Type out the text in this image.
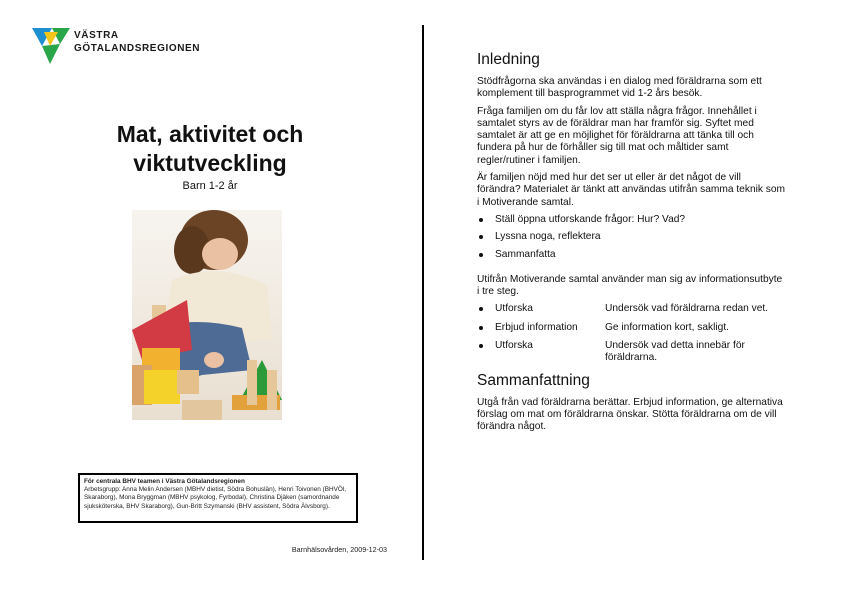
VÄSTRA
GÖTALANDSREGIONEN
Mat, aktivitet och viktutveckling
Barn 1-2 år
För centrala BHV teamen i Västra Götalandsregionen
Arbetsgrupp: Anna Melin Andersen (MBHV dietist, Södra Bohuslän), Henri Toivonen (BHVÖl, Skaraborg), Mona Bryggman (MBHV psykolog, Fyrbodal), Christina Djäken (samordnande sjuksköterska, BHV Skaraborg), Gun-Britt Szymanski (BHV assistent, Södra Älvsborg).
Barnhälsovården, 2009-12-03
Inledning

Stödfrågorna ska användas i en dialog med föräldrarna som ett komplement till basprogrammet vid 1-2 års besök.

Fråga familjen om du får lov att ställa några frågor. Innehållet i samtalet styrs av de föräldrar man har framför sig. Syftet med samtalet är att ge en möjlighet för föräldrarna att tänka till och fundera på hur de förhåller sig till mat och måltider samt regler/rutiner i familjen.

Är familjen nöjd med hur det ser ut eller är det något de vill förändra? Materialet är tänkt att användas utifrån samma teknik som i Motiverande samtal.

Ställ öppna utforskande frågor: Hur? Vad?
Lyssna noga, reflektera
Sammanfatta

Utifrån Motiverande samtal använder man sig av informationsutbyte i tre steg.

Utforska	Undersök vad föräldrarna redan vet.
Erbjud information	Ge information kort, sakligt.
Utforska	Undersök vad detta innebär för föräldrarna.
Sammanfattning

Utgå från vad föräldrarna berättar. Erbjud information, ge alternativa förslag om mat om föräldrarna önskar. Stötta föräldrarna om de vill förändra något.
